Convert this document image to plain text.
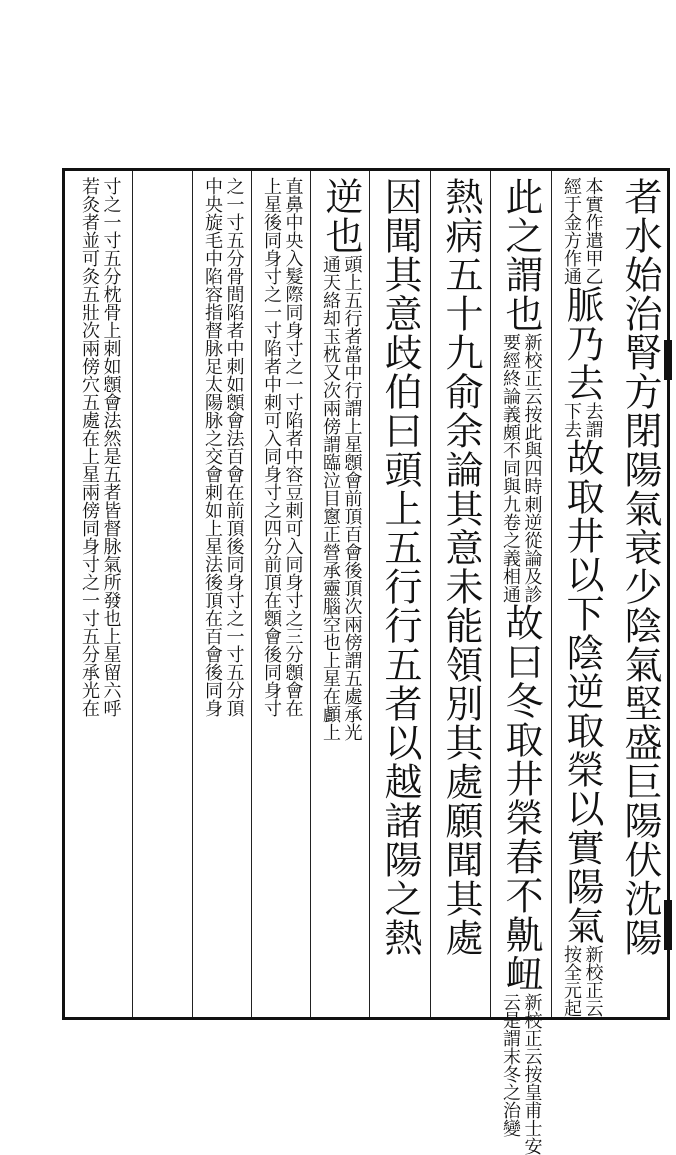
者水始治腎方閉陽氣衰少陰氣堅盛巨陽伏沈陽
本實作遣甲乙
經于金方作通
脈乃去
去謂
下去
故取井以下陰逆取榮以實陽氣
新校正云
按全元起
此之謂也
新校正云按此與四時刺逆從論及診
要經終論義頗不同與九卷之義相通
故曰冬取井榮春不鼽衄
新校正云按皇甫士安
云是謂末冬之治變
熱病五十九俞余論其意未能領別其處願聞其處
因聞其意歧伯曰頭上五行行五者以越諸陽之熱
逆也
頭上五行者當中行謂上星顖會前頂百會後頂次兩傍謂五處承光
通天絡却玉枕又次兩傍謂臨泣目窻正營承靈腦空也上星在顱上
直鼻中央入髮際同身寸之一寸陷者中容豆刺可入同身寸之三分顖會在
上星後同身寸之一寸陷者中刺可入同身寸之四分前頂在顖會後同身寸
之一寸五分骨間陷者中刺如顖會法百會在前頂後同身寸之一寸五分頂
中央旋毛中陷容指督脉足太陽脉之交會刺如上星法後頂在百會後同身
寸之一寸五分枕骨上刺如顖會法然是五者皆督脉氣所發也上星留六呼
若灸者並可灸五壯次兩傍穴五處在上星兩傍同身寸之一寸五分承光在
